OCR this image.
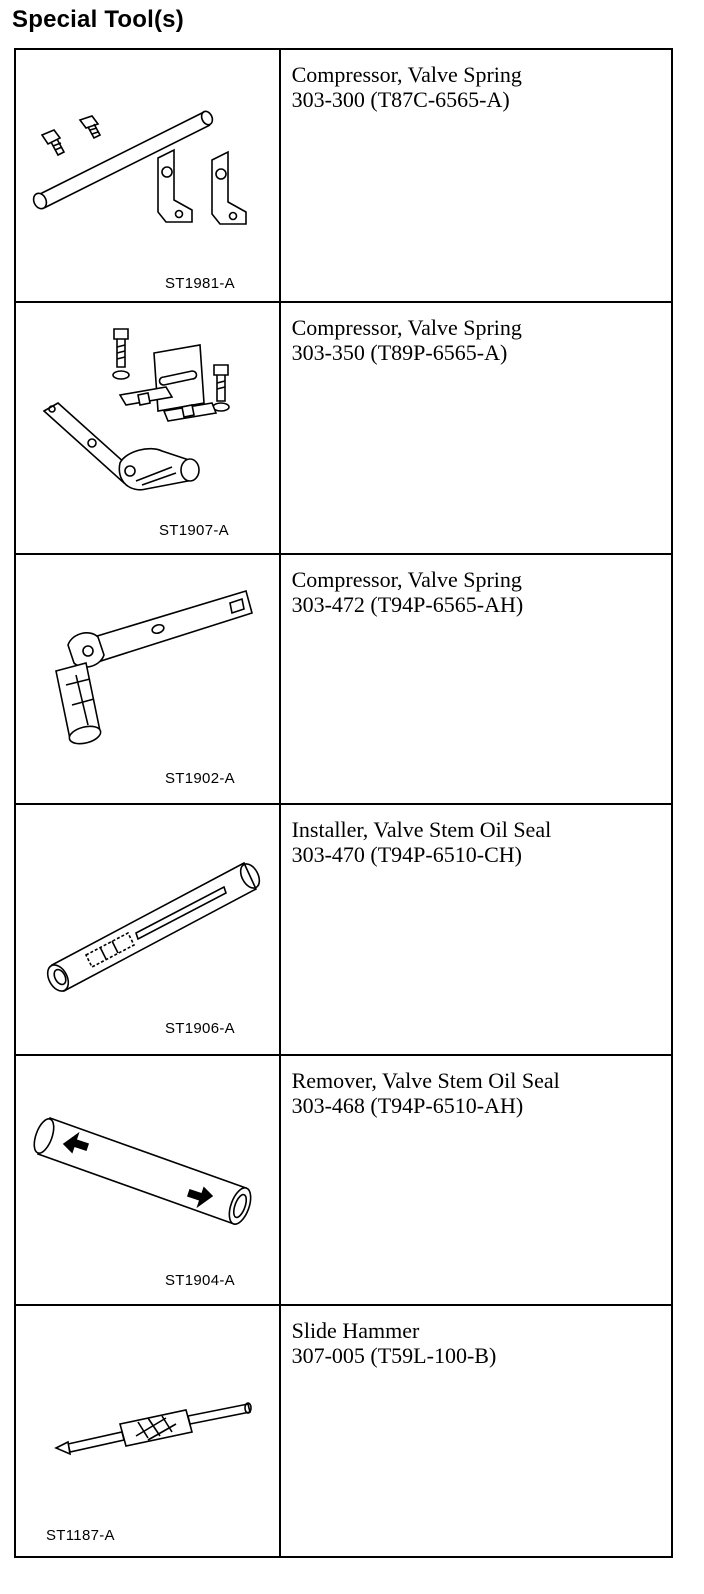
Special Tool(s)
ST1981-A	Compressor, Valve Spring
303-300 (T87C-6565-A)

ST1907-A	Compressor, Valve Spring
303-350 (T89P-6565-A)

ST1902-A	Compressor, Valve Spring
303-472 (T94P-6565-AH)

ST1906-A	Installer, Valve Stem Oil Seal
303-470 (T94P-6510-CH)

ST1904-A	Remover, Valve Stem Oil Seal
303-468 (T94P-6510-AH)

ST1187-A	Slide Hammer
307-005 (T59L-100-B)
